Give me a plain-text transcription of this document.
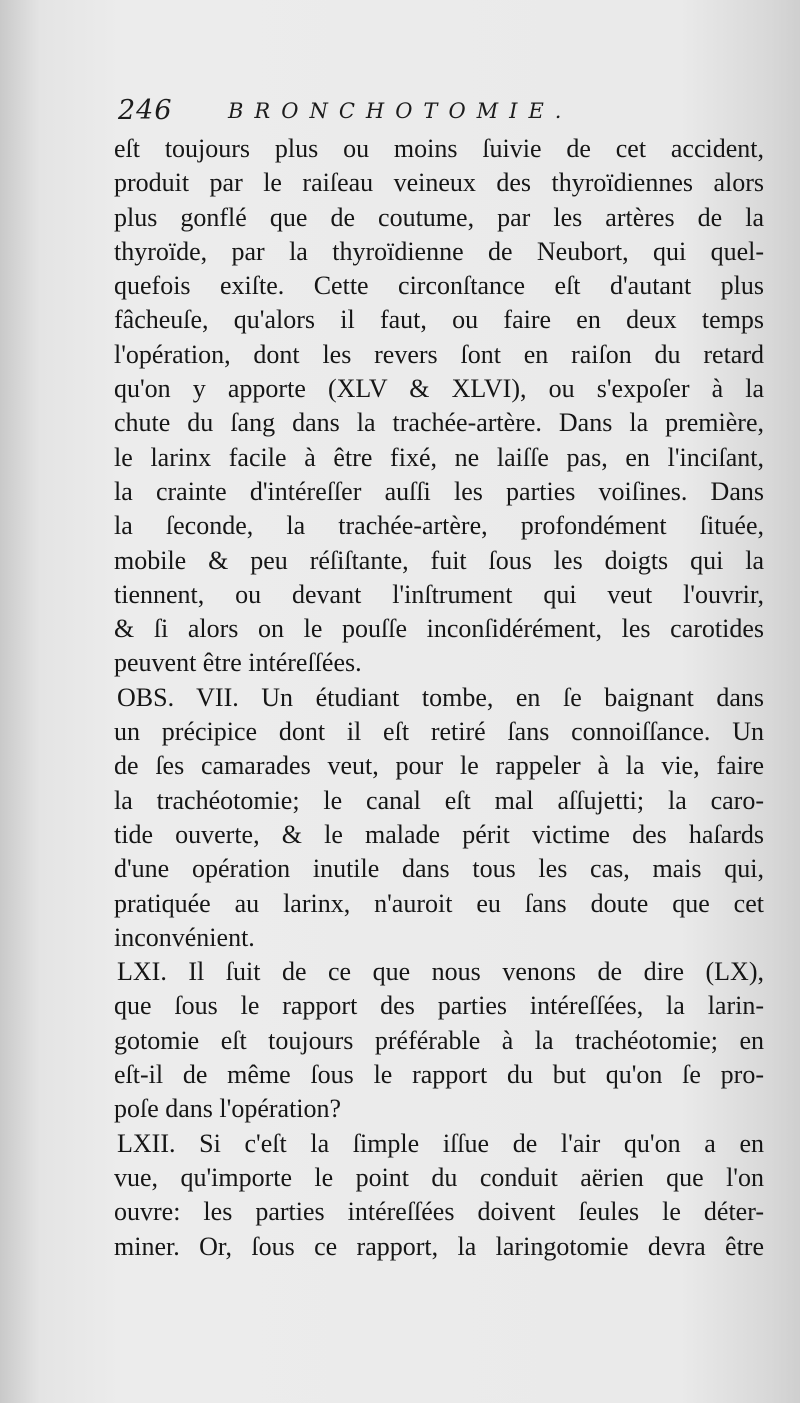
246	BRONCHOTOMIE.
eſt toujours plus ou moins ſuivie de cet accident,
produit par le raiſeau veineux des thyroïdiennes alors
plus gonflé que de coutume, par les artères de la
thyroïde, par la thyroïdienne de Neubort, qui quel-
quefois exiſte. Cette circonſtance eſt d'autant plus
fâcheuſe, qu'alors il faut, ou faire en deux temps
l'opération, dont les revers ſont en raiſon du retard
qu'on y apporte (XLV & XLVI), ou s'expoſer à la
chute du ſang dans la trachée-artère. Dans la première,
le larinx facile à être fixé, ne laiſſe pas, en l'inciſant,
la crainte d'intéreſſer auſſi les parties voiſines. Dans
la ſeconde, la trachée-artère, profondément ſituée,
mobile & peu réſiſtante, fuit ſous les doigts qui la
tiennent, ou devant l'inſtrument qui veut l'ouvrir,
& ſi alors on le pouſſe inconſidérément, les carotides
peuvent être intéreſſées.
OBS. VII. Un étudiant tombe, en ſe baignant dans
un précipice dont il eſt retiré ſans connoiſſance. Un
de ſes camarades veut, pour le rappeler à la vie, faire
la trachéotomie; le canal eſt mal aſſujetti; la caro-
tide ouverte, & le malade périt victime des haſards
d'une opération inutile dans tous les cas, mais qui,
pratiquée au larinx, n'auroit eu ſans doute que cet
inconvénient.
LXI. Il ſuit de ce que nous venons de dire (LX),
que ſous le rapport des parties intéreſſées, la larin-
gotomie eſt toujours préférable à la trachéotomie; en
eſt-il de même ſous le rapport du but qu'on ſe pro-
poſe dans l'opération?
LXII. Si c'eſt la ſimple iſſue de l'air qu'on a en
vue, qu'importe le point du conduit aërien que l'on
ouvre: les parties intéreſſées doivent ſeules le déter-
miner. Or, ſous ce rapport, la laringotomie devra être
